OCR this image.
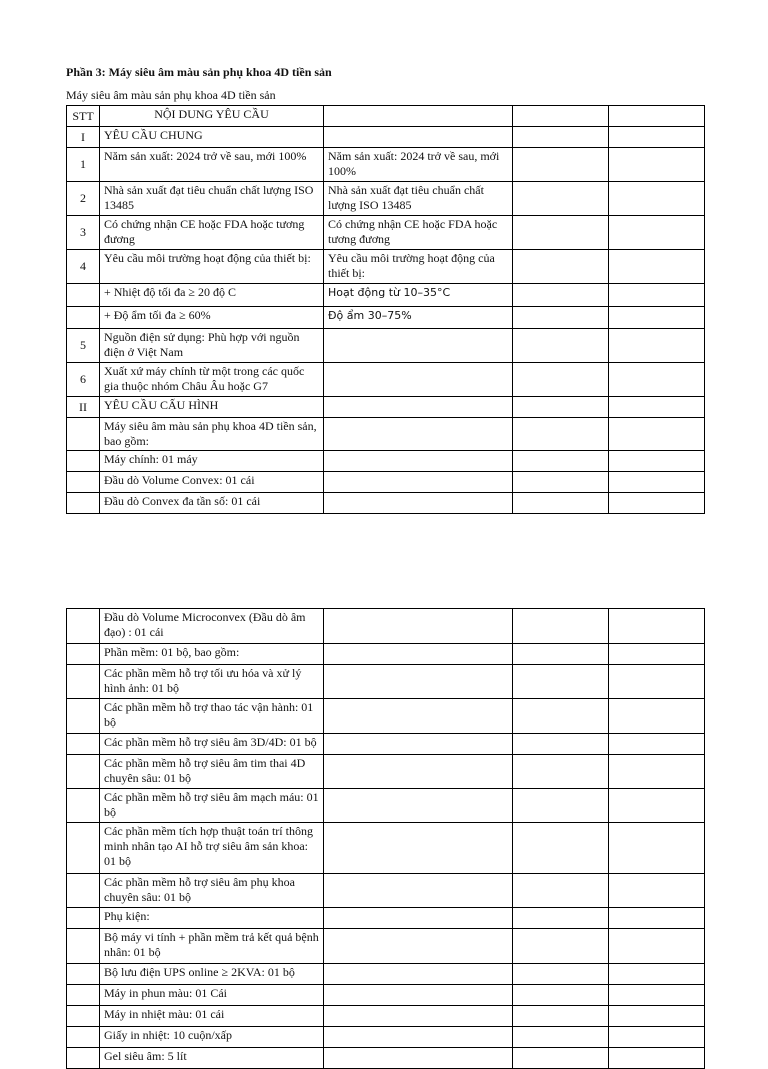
Phần 3: Máy siêu âm màu sản phụ khoa 4D tiền sản
Máy siêu âm màu sản phụ khoa 4D tiền sản
STT	NỘI DUNG YÊU CẦU			
I	YÊU CẦU CHUNG			
1	Năm sản xuất: 2024 trở về sau, mới 100%	Năm sản xuất: 2024 trở về sau, mới 100%		
2	Nhà sản xuất đạt tiêu chuẩn chất lượng ISO 13485	Nhà sản xuất đạt tiêu chuẩn chất lượng ISO 13485		
3	Có chứng nhận CE hoặc FDA hoặc tương đương	Có chứng nhận CE hoặc FDA hoặc tương đương		
4	Yêu cầu môi trường hoạt động của thiết bị:	Yêu cầu môi trường hoạt động của thiết bị:		
	+ Nhiệt độ tối đa ≥ 20 độ C	Hoạt động từ 10–35°C		
	+ Độ ẩm tối đa ≥ 60%	Độ ẩm 30–75%		
5	Nguồn điện sử dụng: Phù hợp với nguồn điện ở Việt Nam			
6	Xuất xứ máy chính từ một trong các quốc gia thuộc nhóm Châu Âu hoặc G7			
II	YÊU CẦU CẤU HÌNH			
	Máy siêu âm màu sản phụ khoa 4D tiền sản, bao gồm:			
	Máy chính: 01 máy			
	Đầu dò Volume Convex: 01 cái			
	Đầu dò Convex đa tần số: 01 cái			
	Đầu dò Volume Microconvex (Đầu dò âm đạo) : 01 cái			
	Phần mềm: 01 bộ, bao gồm:			
	Các phần mềm hỗ trợ tối ưu hóa và xử lý hình ảnh: 01 bộ			
	Các phần mềm hỗ trợ thao tác vận hành: 01 bộ			
	Các phần mềm hỗ trợ siêu âm 3D/4D: 01 bộ			
	Các phần mềm hỗ trợ siêu âm tim thai 4D chuyên sâu: 01 bộ			
	Các phần mềm hỗ trợ siêu âm mạch máu: 01 bộ			
	Các phần mềm tích hợp thuật toán trí thông minh nhân tạo AI hỗ trợ siêu âm sản khoa: 01 bộ			
	Các phần mềm hỗ trợ siêu âm phụ khoa chuyên sâu: 01 bộ			
	Phụ kiện:			
	Bộ máy vi tính + phần mềm trả kết quả bệnh nhân: 01 bộ			
	Bộ lưu điện UPS online ≥ 2KVA: 01 bộ			
	Máy in phun màu: 01 Cái			
	Máy in nhiệt màu: 01 cái			
	Giấy in nhiệt: 10 cuộn/xấp			
	Gel siêu âm: 5 lít			
